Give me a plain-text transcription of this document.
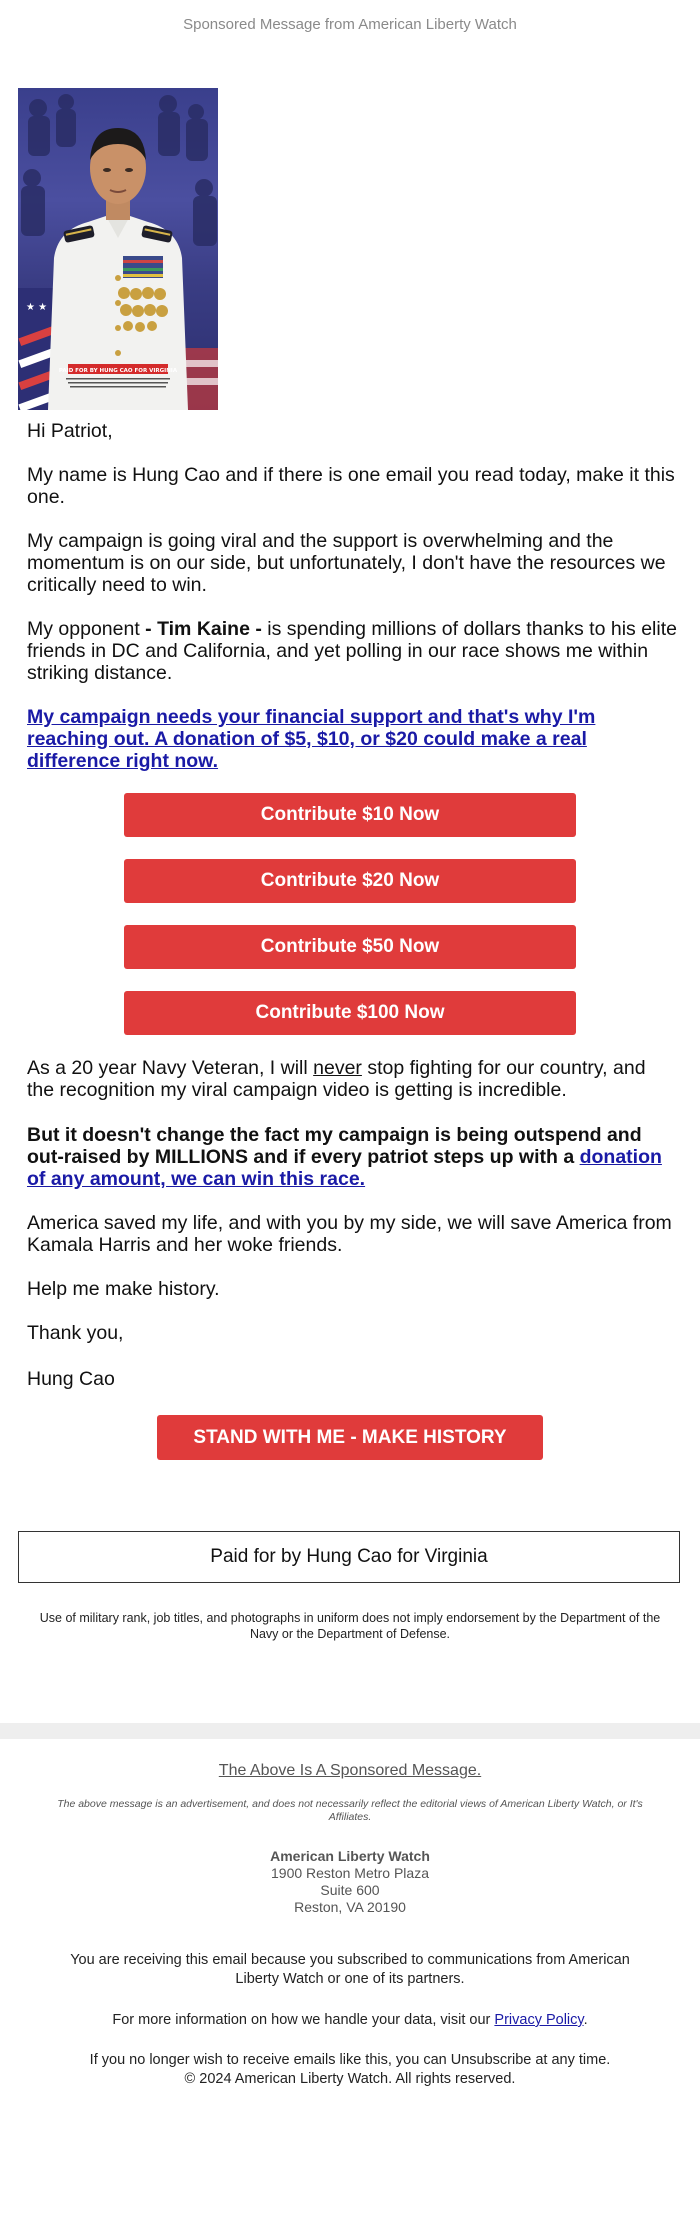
Sponsored Message from American Liberty Watch
★ ★
PAID FOR BY HUNG CAO FOR VIRGINIA

Hi Patriot,

My name is Hung Cao and if there is one email you read today, make it this one.

My campaign is going viral and the support is overwhelming and the momentum is on our side, but unfortunately, I don't have the resources we critically need to win.

My opponent - Tim Kaine - is spending millions of dollars thanks to his elite friends in DC and California, and yet polling in our race shows me within striking distance.

My campaign needs your financial support and that's why I'm reaching out. A donation of $5, $10, or $20 could make a real difference right now.

Contribute $10 Now
Contribute $20 Now
Contribute $50 Now
Contribute $100 Now

As a 20 year Navy Veteran, I will never stop fighting for our country, and the recognition my viral campaign video is getting is incredible.

But it doesn't change the fact my campaign is being outspend and out-raised by MILLIONS and if every patriot steps up with a donation of any amount, we can win this race.

America saved my life, and with you by my side, we will save America from Kamala Harris and her woke friends.

Help me make history.

Thank you,

Hung Cao

STAND WITH ME - MAKE HISTORY
Paid for by Hung Cao for Virginia
Use of military rank, job titles, and photographs in uniform does not imply endorsement by the Department of the Navy or the Department of Defense.
The Above Is A Sponsored Message.
The above message is an advertisement, and does not necessarily reflect the editorial views of American Liberty Watch, or It's Affiliates.
American Liberty Watch
1900 Reston Metro Plaza
Suite 600
Reston, VA 20190
You are receiving this email because you subscribed to communications from American Liberty Watch or one of its partners.
For more information on how we handle your data, visit our Privacy Policy.
If you no longer wish to receive emails like this, you can Unsubscribe at any time.
© 2024 American Liberty Watch. All rights reserved.
